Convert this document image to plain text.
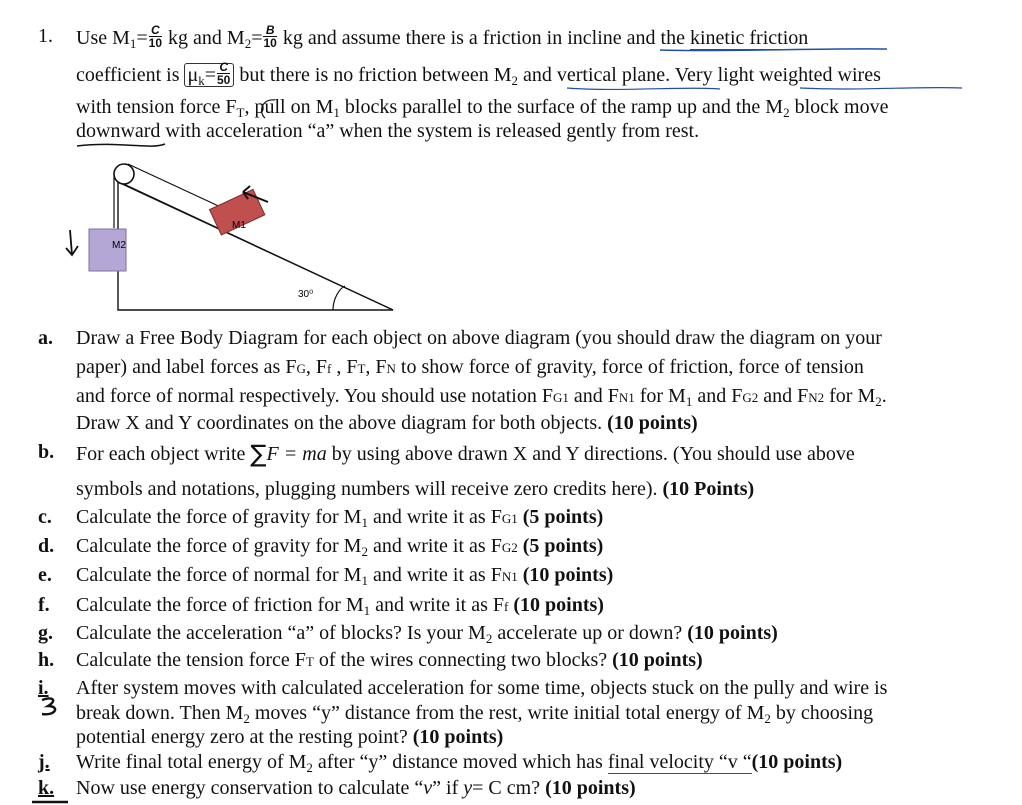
1. Use $M_1= \frac{C}{10}$ kg and $M_2= \frac{B}{10}$ kg and assume there is a friction in incline and the kinetic friction
coefficient is $\mu_k= \frac{C}{50}$ but there is no friction between $M_2$ and vertical plane. Very light weighted wires
with tension force $F_T$, pull on $M_1$ blocks parallel to the surface of the ramp up and the $M_2$ block move
downward with acceleration “a” when the system is released gently from rest.
M1
M2
30⁰
a. Draw a Free Body Diagram for each object on above diagram (you should draw the diagram on your
paper) and label forces as FG, Ff , FT, FN to show force of gravity, force of friction, force of tension
and force of normal respectively. You should use notation FG1 and FN1 for $M_1$ and FG2 and FN2 for $M_2$.
Draw X and Y coordinates on the above diagram for both objects. (10 points)
b. For each object write ∑F = ma by using above drawn X and Y directions. (You should use above
symbols and notations, plugging numbers will receive zero credits here). (10 Points)
c. Calculate the force of gravity for $M_1$ and write it as FG1 (5 points)
d. Calculate the force of gravity for $M_2$ and write it as FG2 (5 points)
e. Calculate the force of normal for $M_1$ and write it as FN1 (10 points)
f. Calculate the force of friction for $M_1$ and write it as Ff (10 points)
g. Calculate the acceleration “a” of blocks? Is your $M_2$ accelerate up or down? (10 points)
h. Calculate the tension force FT of the wires connecting two blocks? (10 points)
i. After system moves with calculated acceleration for some time, objects stuck on the pully and wire is
break down. Then $M_2$ moves “y” distance from the rest, write initial total energy of $M_2$ by choosing
potential energy zero at the resting point? (10 points)
j. Write final total energy of $M_2$ after “y” distance moved which has final velocity “v “(10 points)
k. Now use energy conservation to calculate “v” if y= C cm? (10 points)
